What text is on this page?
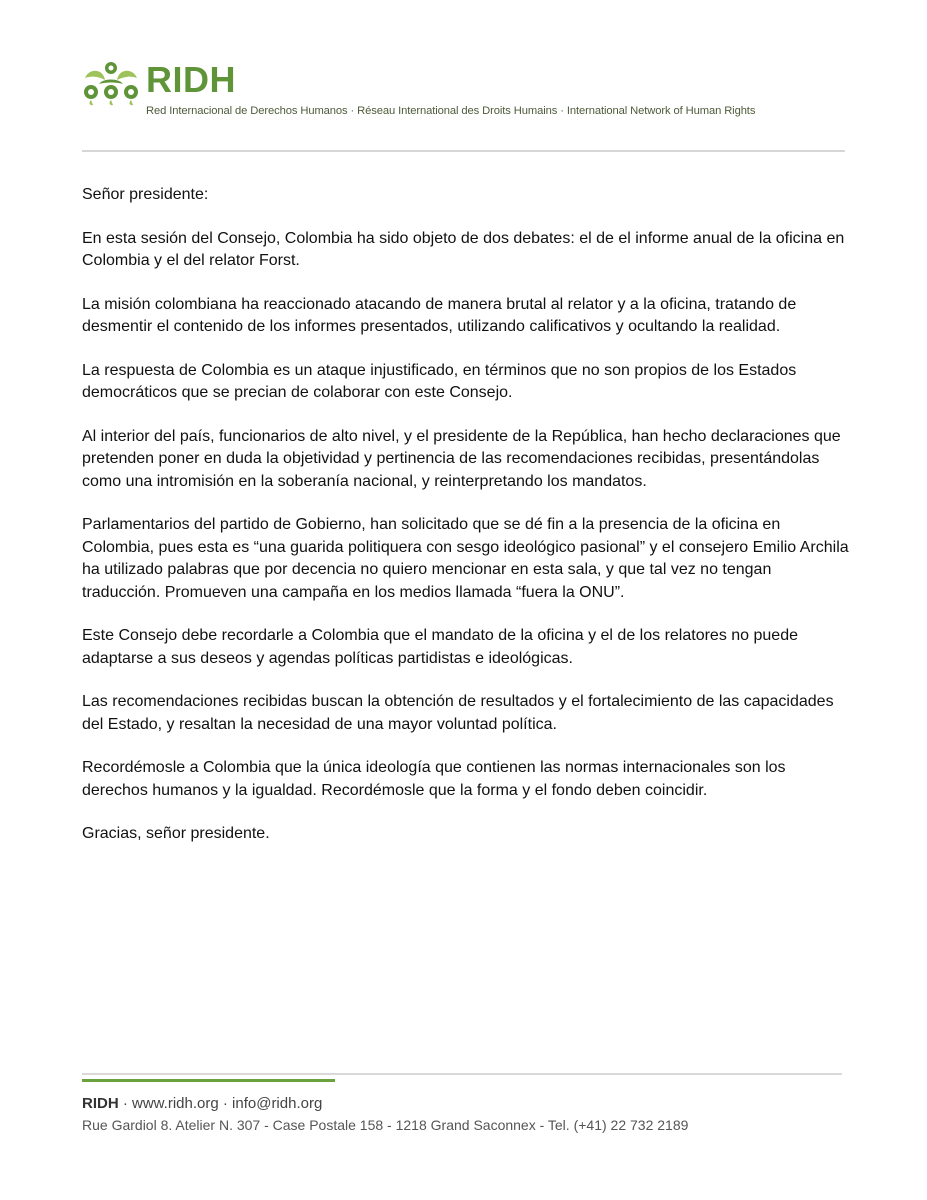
RIDH
Red Internacional de Derechos Humanos · Réseau International des Droits Humains · International Network of Human Rights

Señor presidente:

En esta sesión del Consejo, Colombia ha sido objeto de dos debates: el de el informe anual de la oficina en Colombia y el del relator Forst.

La misión colombiana ha reaccionado atacando de manera brutal al relator y a la oficina, tratando de desmentir el contenido de los informes presentados, utilizando calificativos y ocultando la realidad.

La respuesta de Colombia es un ataque injustificado, en términos que no son propios de los Estados democráticos que se precian de colaborar con este Consejo.

Al interior del país, funcionarios de alto nivel, y el presidente de la República, han hecho declaraciones que pretenden poner en duda la objetividad y pertinencia de las recomendaciones recibidas, presentándolas como una intromisión en la soberanía nacional, y reinterpretando los mandatos.

Parlamentarios del partido de Gobierno, han solicitado que se dé fin a la presencia de la oficina en Colombia, pues esta es “una guarida politiquera con sesgo ideológico pasional” y el consejero Emilio Archila ha utilizado palabras que por decencia no quiero mencionar en esta sala, y que tal vez no tengan traducción. Promueven una campaña en los medios llamada “fuera la ONU”.

Este Consejo debe recordarle a Colombia que el mandato de la oficina y el de los relatores no puede adaptarse a sus deseos y agendas políticas partidistas e ideológicas.

Las recomendaciones recibidas buscan la obtención de resultados y el fortalecimiento de las capacidades del Estado, y resaltan la necesidad de una mayor voluntad política.

Recordémosle a Colombia que la única ideología que contienen las normas internacionales son los derechos humanos y la igualdad. Recordémosle que la forma y el fondo deben coincidir.

Gracias, señor presidente.

RIDH · www.ridh.org · info@ridh.org
Rue Gardiol 8. Atelier N. 307 - Case Postale 158 - 1218 Grand Saconnex - Tel. (+41) 22 732 2189
